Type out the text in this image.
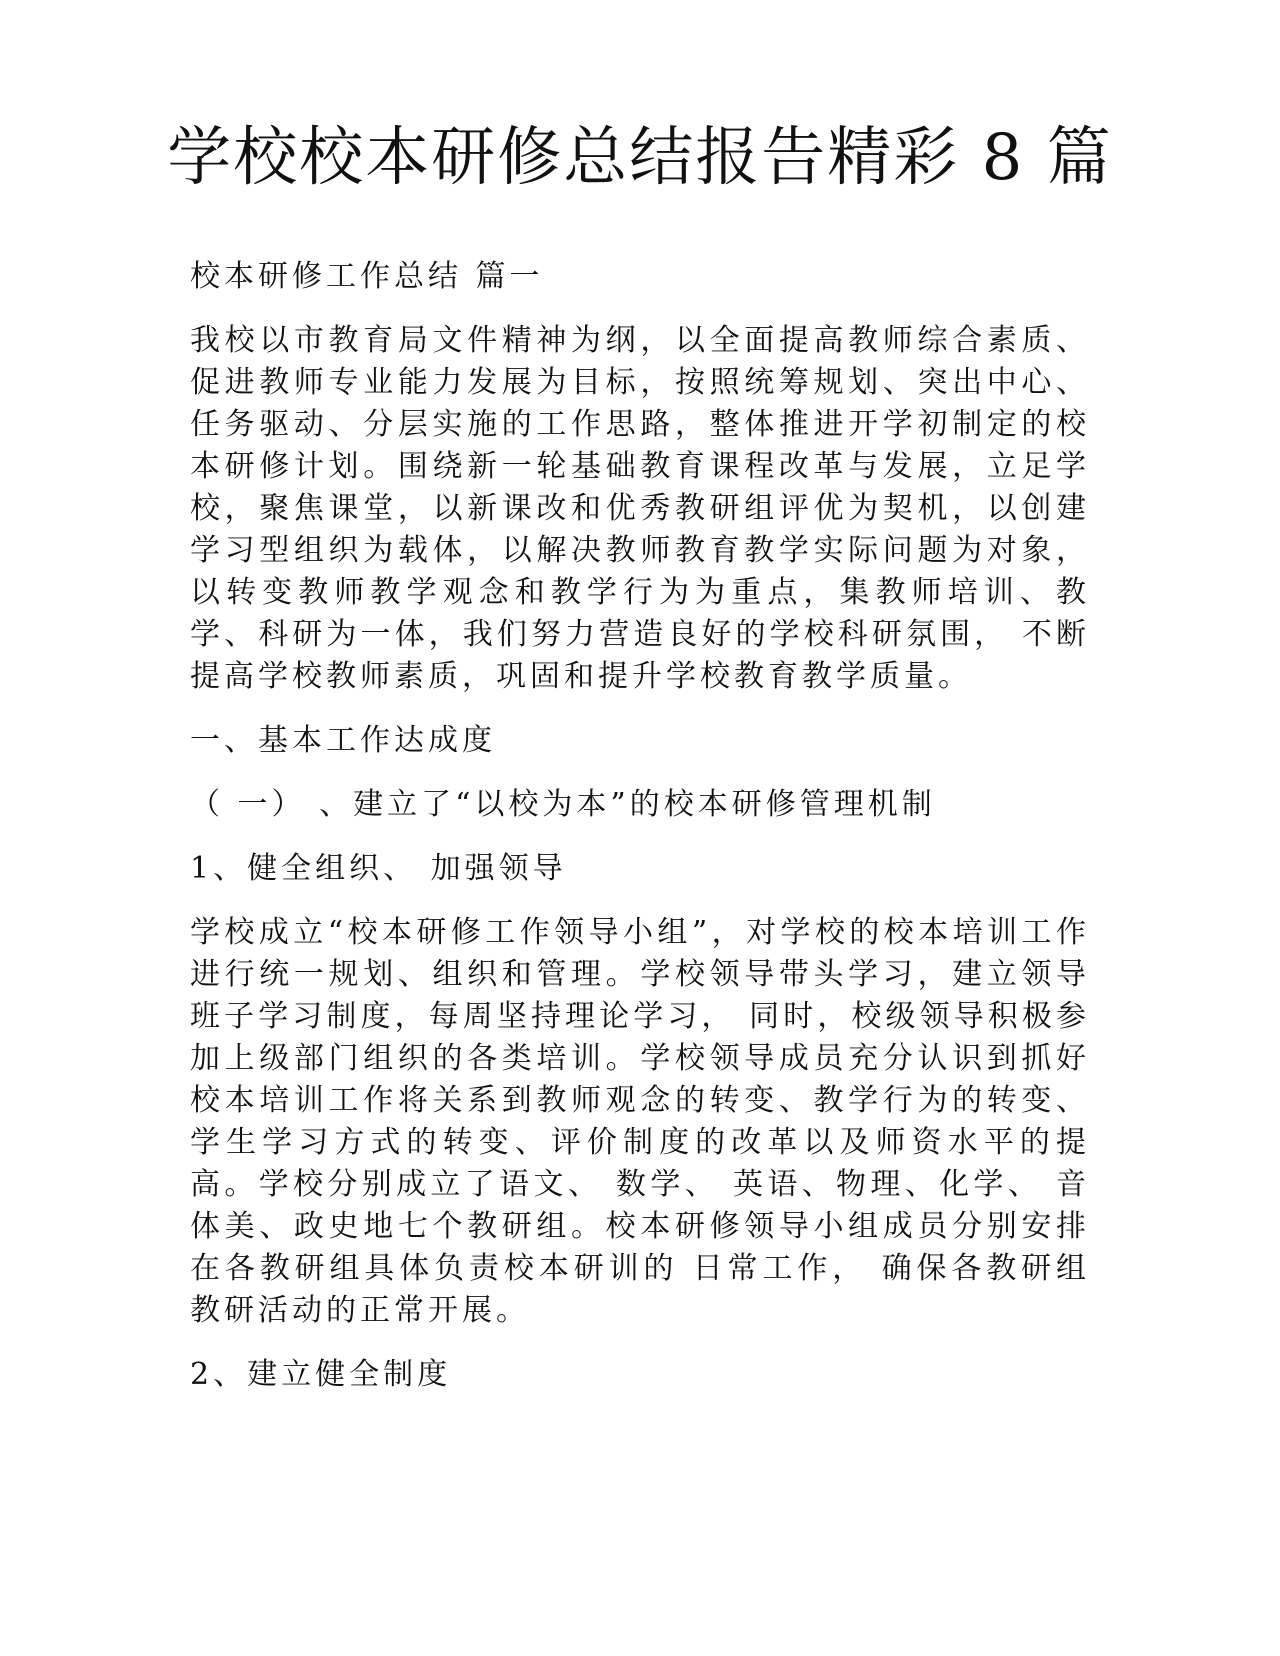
学校校本研修总结报告精彩 8 篇

校本研修工作总结 篇一

我校以市教育局文件精神为纲，以全面提高教师综合素质、促进教师专业能力发展为目标，按照统筹规划、突出中心、任务驱动、分层实施的工作思路，整体推进开学初制定的校本研修计划。围绕新一轮基础教育课程改革与发展，立足学校，聚焦课堂，以新课改和优秀教研组评优为契机，以创建学习型组织为载体，以解决教师教育教学实际问题为对象，以转变教师教学观念和教学行为为重点，集教师培训、教学、科研为一体，我们努力营造良好的学校科研氛围， 不断提高学校教师素质，巩固和提升学校教育教学质量。

一、基本工作达成度

（ 一） 、建立了“以校为本”的校本研修管理机制

1、健全组织、 加强领导

学校成立“校本研修工作领导小组”，对学校的校本培训工作进行统一规划、组织和管理。学校领导带头学习，建立领导班子学习制度，每周坚持理论学习， 同时，校级领导积极参加上级部门组织的各类培训。学校领导成员充分认识到抓好校本培训工作将关系到教师观念的转变、教学行为的转变、学生学习方式的转变、评价制度的改革以及师资水平的提高。学校分别成立了语文、 数学、 英语、物理、化学、 音体美、政史地七个教研组。校本研修领导小组成员分别安排在各教研组具体负责校本研训的 日常工作， 确保各教研组教研活动的正常开展。

2、建立健全制度
